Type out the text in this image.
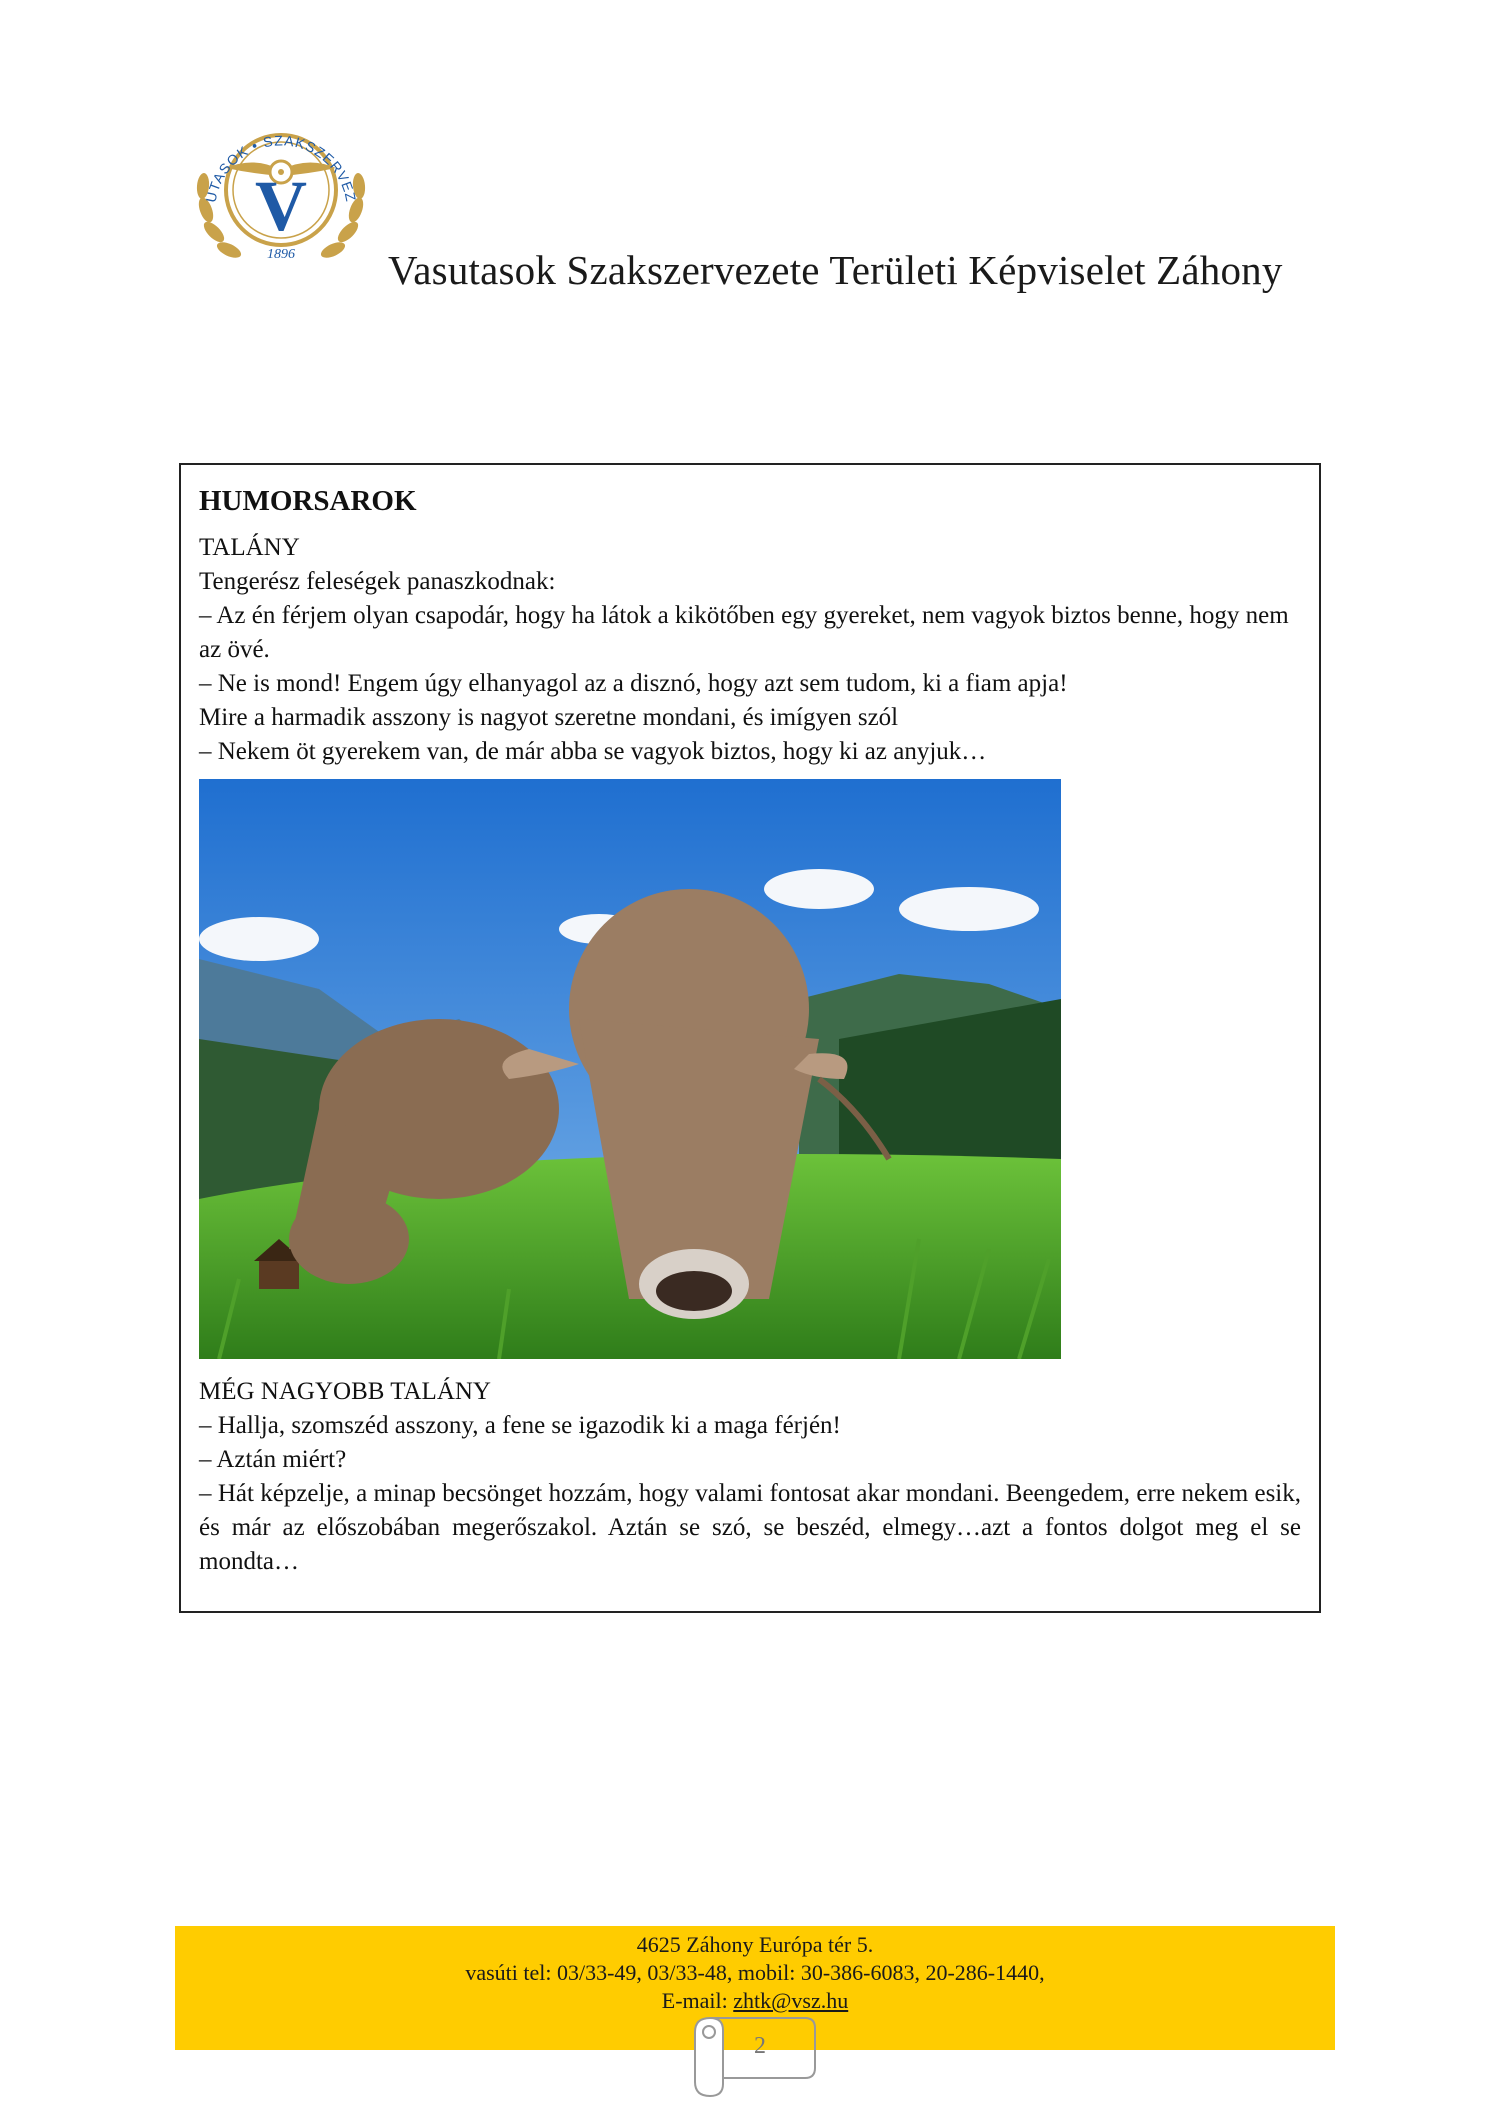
V
UTASOK • SZAKSZERVEZ
1896 Vasutasok Szakszervezete Területi Képviselet Záhony
HUMORSAROK
TALÁNY
Tengerész feleségek panaszkodnak:
– Az én férjem olyan csapodár, hogy ha látok a kikötőben egy gyereket, nem vagyok biztos benne, hogy nem az övé.
– Ne is mond! Engem úgy elhanyagol az a disznó, hogy azt sem tudom, ki a fiam apja!
Mire a harmadik asszony is nagyot szeretne mondani, és imígyen szól
– Nekem öt gyerekem van, de már abba se vagyok biztos, hogy ki az anyjuk…
MÉG NAGYOBB TALÁNY
– Hallja, szomszéd asszony, a fene se igazodik ki a maga férjén!
– Aztán miért?
– Hát képzelje, a minap becsönget hozzám, hogy valami fontosat akar mondani. Beengedem, erre nekem esik, és már az előszobában megerőszakol. Aztán se szó, se beszéd, elmegy…azt a fontos dolgot meg el se mondta…
4625 Záhony Európa tér 5.
vasúti tel: 03/33-49, 03/33-48, mobil: 30-386-6083, 20-286-1440,
E-mail: zhtk@vsz.hu
2
